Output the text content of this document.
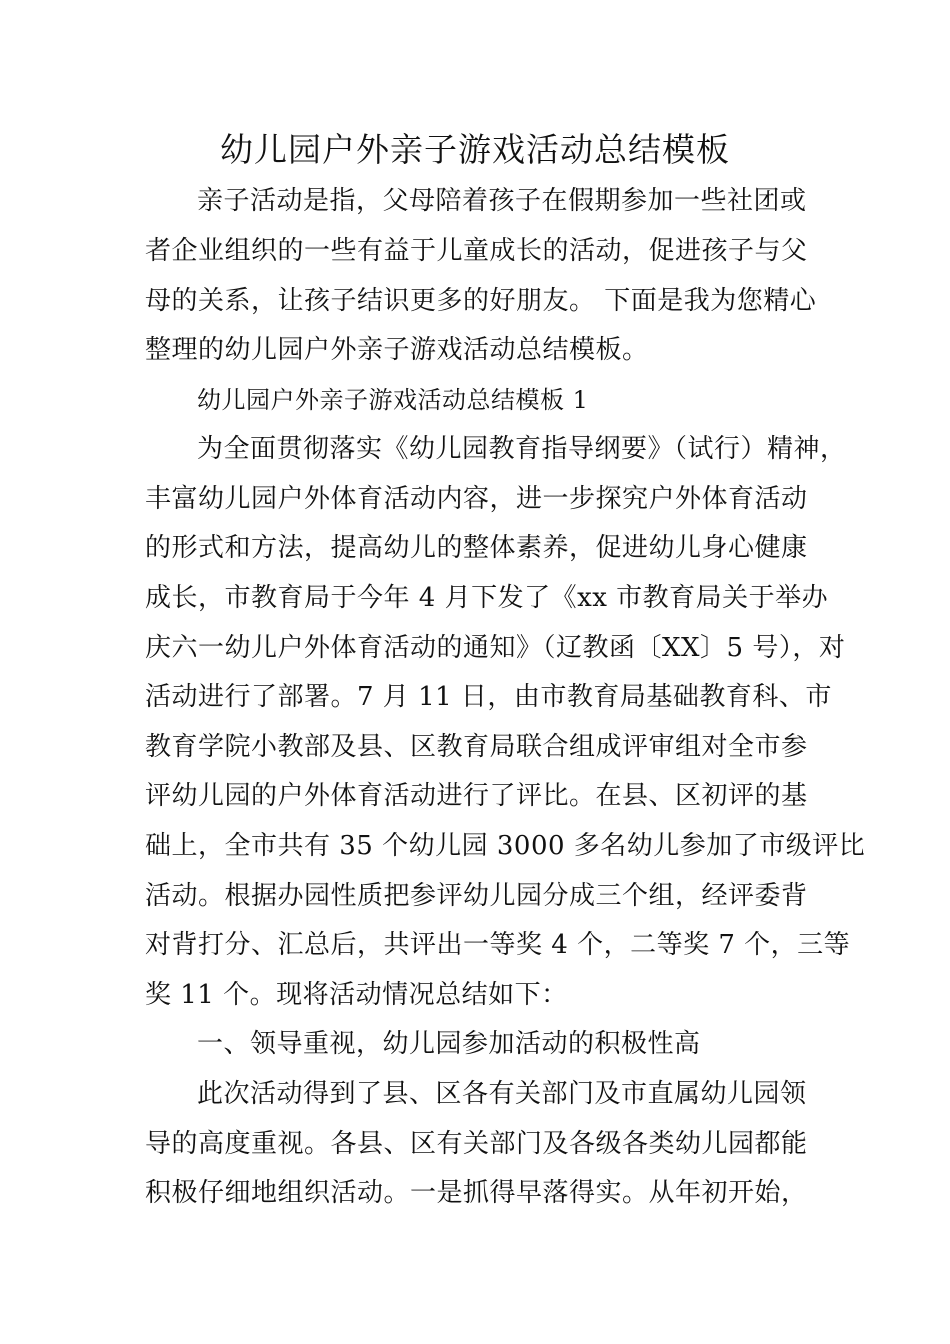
幼儿园户外亲子游戏活动总结模板
亲子活动是指，父母陪着孩子在假期参加一些社团或
者企业组织的一些有益于儿童成长的活动，促进孩子与父
母的关系，让孩子结识更多的好朋友。 下面是我为您精心
整理的幼儿园户外亲子游戏活动总结模板。
幼儿园户外亲子游戏活动总结模板 1
为全面贯彻落实《幼儿园教育指导纲要》（试行）精神，
丰富幼儿园户外体育活动内容，进一步探究户外体育活动
的形式和方法，提高幼儿的整体素养，促进幼儿身心健康
成长，市教育局于今年 4 月下发了《xx 市教育局关于举办
庆六一幼儿户外体育活动的通知》（辽教函〔XX〕5 号），对
活动进行了部署。7 月 11 日，由市教育局基础教育科、市
教育学院小教部及县、区教育局联合组成评审组对全市参
评幼儿园的户外体育活动进行了评比。在县、区初评的基
础上，全市共有 35 个幼儿园 3000 多名幼儿参加了市级评比
活动。根据办园性质把参评幼儿园分成三个组，经评委背
对背打分、汇总后，共评出一等奖 4 个，二等奖 7 个，三等
奖 11 个。现将活动情况总结如下：
一、领导重视，幼儿园参加活动的积极性高
此次活动得到了县、区各有关部门及市直属幼儿园领
导的高度重视。各县、区有关部门及各级各类幼儿园都能
积极仔细地组织活动。一是抓得早落得实。从年初开始，
